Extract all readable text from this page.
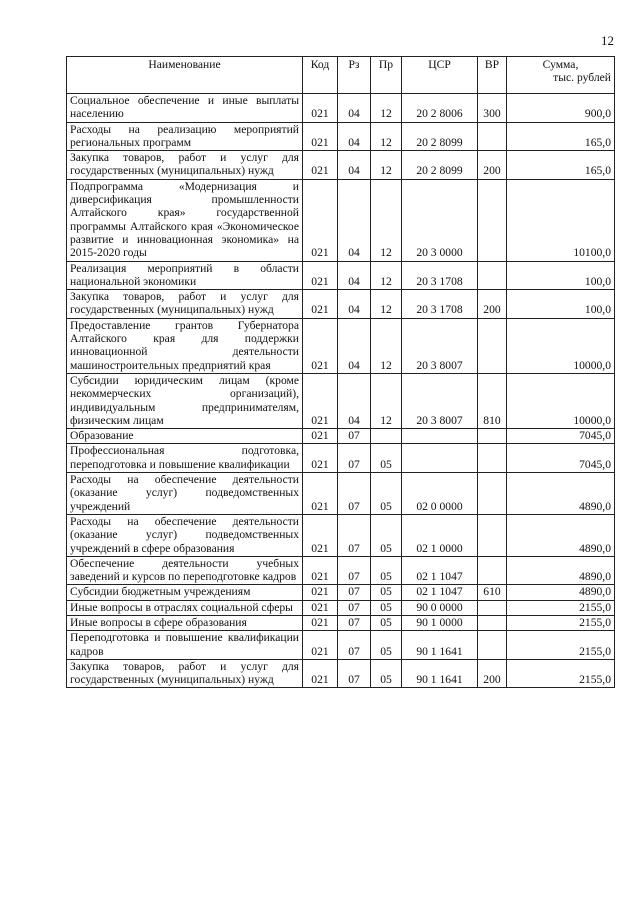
12
Наименование	Код	Рз	Пр	ЦСР	ВР	Сумма,

тыс. рублей

Социальное обеспечение и иные выплаты населению	021	04	12	20 2 8006	300	900,0
Расходы на реализацию мероприятий региональных программ	021	04	12	20 2 8099		165,0
Закупка товаров, работ и услуг для государственных (муниципальных) нужд	021	04	12	20 2 8099	200	165,0
Подпрограмма «Модернизация и диверсификация промышленности Алтайского края» государственной программы Алтайского края «Экономическое развитие и инновационная экономика» на 2015-2020 годы	021	04	12	20 3 0000		10100,0
Реализация мероприятий в области национальной экономики	021	04	12	20 3 1708		100,0
Закупка товаров, работ и услуг для государственных (муниципальных) нужд	021	04	12	20 3 1708	200	100,0
Предоставление грантов Губернатора Алтайского края для поддержки инновационной деятельности машиностроительных предприятий края	021	04	12	20 3 8007		10000,0
Субсидии юридическим лицам (кроме некоммерческих организаций), индивидуальным предпринимателям, физическим лицам	021	04	12	20 3 8007	810	10000,0
Образование	021	07				7045,0
Профессиональная подготовка, переподготовка и повышение квалификации	021	07	05			7045,0
Расходы на обеспечение деятельности (оказание услуг) подведомственных учреждений	021	07	05	02 0 0000		4890,0
Расходы на обеспечение деятельности (оказание услуг) подведомственных учреждений в сфере образования	021	07	05	02 1 0000		4890,0
Обеспечение деятельности учебных заведений и курсов по переподготовке кадров	021	07	05	02 1 1047		4890,0
Субсидии бюджетным учреждениям	021	07	05	02 1 1047	610	4890,0
Иные вопросы в отраслях социальной сферы	021	07	05	90 0 0000		2155,0
Иные вопросы в сфере образования	021	07	05	90 1 0000		2155,0
Переподготовка и повышение квалификации кадров	021	07	05	90 1 1641		2155,0
Закупка товаров, работ и услуг для государственных (муниципальных) нужд	021	07	05	90 1 1641	200	2155,0
